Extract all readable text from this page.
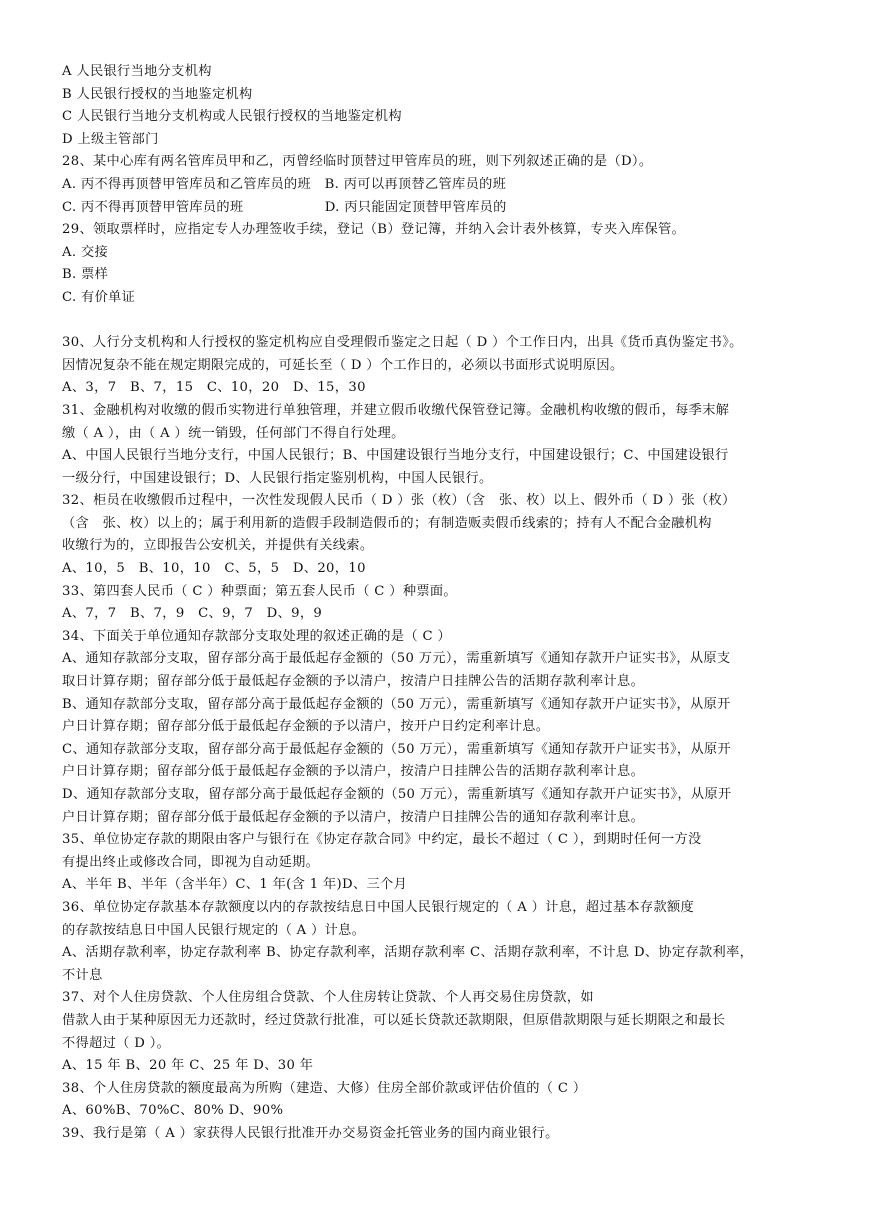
A 人民银行当地分支机构
B 人民银行授权的当地鉴定机构
C 人民银行当地分支机构或人民银行授权的当地鉴定机构
D 上级主管部门
28、某中心库有两名管库员甲和乙，丙曾经临时顶替过甲管库员的班，则下列叙述正确的是（D）。
A. 丙不得再顶替甲管库员和乙管库员的班　B. 丙可以再顶替乙管库员的班
C. 丙不得再顶替甲管库员的班　　　　　　D. 丙只能固定顶替甲管库员的
29、领取票样时，应指定专人办理签收手续，登记（B）登记簿，并纳入会计表外核算，专夹入库保管。
A. 交接
B. 票样
C. 有价单证
30、人行分支机构和人行授权的鉴定机构应自受理假币鉴定之日起（ D ）个工作日内，出具《货币真伪鉴定书》。
因情况复杂不能在规定期限完成的，可延长至（ D ）个工作日的，必须以书面形式说明原因。
A、3，7　B、7，15　C、10，20　D、15，30
31、金融机构对收缴的假币实物进行单独管理，并建立假币收缴代保管登记簿。金融机构收缴的假币，每季末解
缴（ A ），由（ A ）统一销毁，任何部门不得自行处理。
A、中国人民银行当地分支行，中国人民银行；B、中国建设银行当地分支行，中国建设银行；C、中国建设银行
一级分行，中国建设银行；D、人民银行指定鉴别机构，中国人民银行。
32、柜员在收缴假币过程中，一次性发现假人民币（ D ）张（枚）（含　张、枚）以上、假外币（ D ）张（枚）
（含　张、枚）以上的；属于利用新的造假手段制造假币的；有制造贩卖假币线索的；持有人不配合金融机构
收缴行为的，立即报告公安机关，并提供有关线索。
A、10，5　B、10，10　C、5，5　D、20，10
33、第四套人民币（ C ）种票面；第五套人民币（ C ）种票面。
A、7，7　B、7，9　C、9，7　D、9，9
34、下面关于单位通知存款部分支取处理的叙述正确的是（ C ）
A、通知存款部分支取，留存部分高于最低起存金额的（50 万元），需重新填写《通知存款开户证实书》，从原支
取日计算存期；留存部分低于最低起存金额的予以清户，按清户日挂牌公告的活期存款利率计息。
B、通知存款部分支取，留存部分高于最低起存金额的（50 万元），需重新填写《通知存款开户证实书》，从原开
户日计算存期；留存部分低于最低起存金额的予以清户，按开户日约定利率计息。
C、通知存款部分支取，留存部分高于最低起存金额的（50 万元），需重新填写《通知存款开户证实书》，从原开
户日计算存期；留存部分低于最低起存金额的予以清户，按清户日挂牌公告的活期存款利率计息。
D、通知存款部分支取，留存部分高于最低起存金额的（50 万元），需重新填写《通知存款开户证实书》，从原开
户日计算存期；留存部分低于最低起存金额的予以清户，按清户日挂牌公告的通知存款利率计息。
35、单位协定存款的期限由客户与银行在《协定存款合同》中约定，最长不超过（ C ），到期时任何一方没
有提出终止或修改合同，即视为自动延期。
A、半年 B、半年（含半年）C、1 年(含 1 年)D、三个月
36、单位协定存款基本存款额度以内的存款按结息日中国人民银行规定的（ A ）计息，超过基本存款额度
的存款按结息日中国人民银行规定的（ A ）计息。
A、活期存款利率，协定存款利率 B、协定存款利率，活期存款利率 C、活期存款利率，不计息 D、协定存款利率，
不计息
37、对个人住房贷款、个人住房组合贷款、个人住房转让贷款、个人再交易住房贷款，如
借款人由于某种原因无力还款时，经过贷款行批准，可以延长贷款还款期限，但原借款期限与延长期限之和最长
不得超过（ D ）。
A、15 年 B、20 年 C、25 年 D、30 年
38、个人住房贷款的额度最高为所购（建造、大修）住房全部价款或评估价值的（ C ）
A、60%B、70%C、80% D、90%
39、我行是第（ A ）家获得人民银行批准开办交易资金托管业务的国内商业银行。
